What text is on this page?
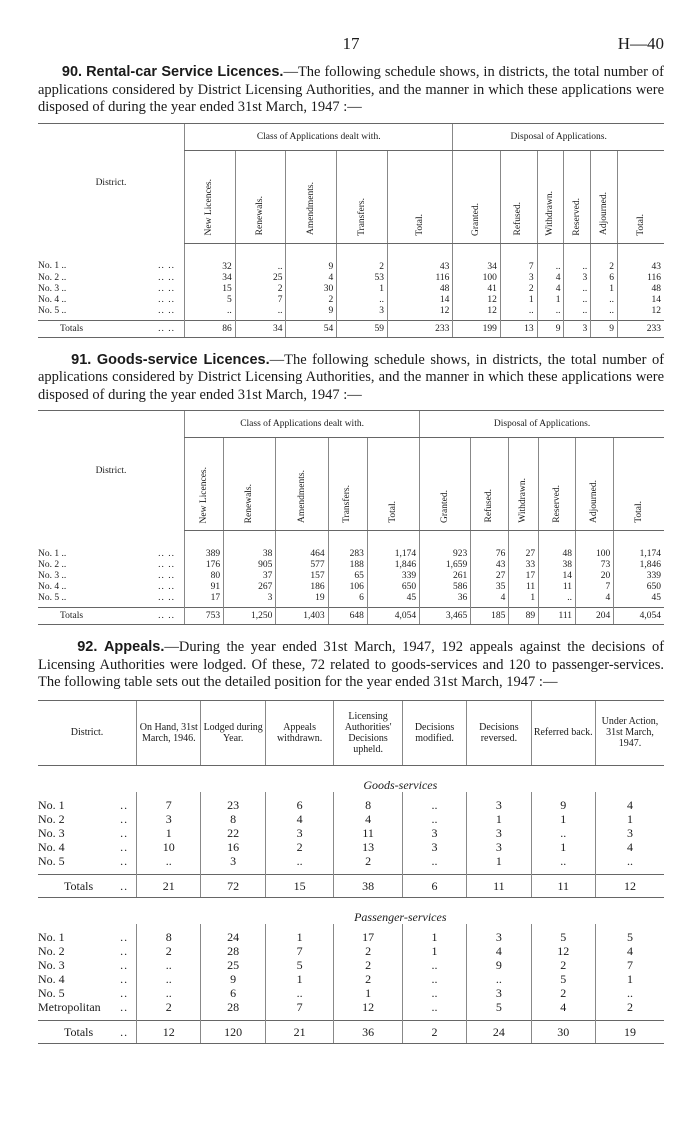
17	H—40

90. Rental-car Service Licences.—The following schedule shows, in districts, the total number of applications considered by District Licensing Authorities, and the manner in which these applications were disposed of during the year ended 31st March, 1947 :—

District.	Class of Applications dealt with.					Disposal of Applications.					
	New Licences.	Renewals.	Amendments.	Transfers.	Total.	Granted.	Refused.	Withdrawn.	Reserved.	Adjourned.	Total.

No. 1 .. .. ..	32	..	9	2	43	34	7	..	..	2	43

No. 2 .. .. ..	34	25	4	53	116	100	3	4	3	6	116

No. 3 .. .. ..	15	2	30	1	48	41	2	4	..	1	48

No. 4 .. .. ..	5	7	2	..	14	12	1	1	..	..	14

No. 5 .. .. ..	..	..	9	3	12	12	..	..	..	..	12

Totals .. ..	86	34	54	59	233	199	13	9	3	9	233

91. Goods-service Licences.—The following schedule shows, in districts, the total number of applications considered by District Licensing Authorities, and the manner in which these applications were disposed of during the year ended 31st March, 1947 :—

District.	Class of Applications dealt with.					Disposal of Applications.					
	New Licences.	Renewals.	Amendments.	Transfers.	Total.	Granted.	Refused.	Withdrawn.	Reserved.	Adjourned.	Total.

No. 1 .. .. ..	389	38	464	283	1,174	923	76	27	48	100	1,174

No. 2 .. .. ..	176	905	577	188	1,846	1,659	43	33	38	73	1,846

No. 3 .. .. ..	80	37	157	65	339	261	27	17	14	20	339

No. 4 .. .. ..	91	267	186	106	650	586	35	11	11	7	650

No. 5 .. .. ..	17	3	19	6	45	36	4	1	..	4	45

Totals .. ..	753	1,250	1,403	648	4,054	3,465	185	89	111	204	4,054

92. Appeals.—During the year ended 31st March, 1947, 192 appeals against the decisions of Licensing Authorities were lodged. Of these, 72 related to goods-services and 120 to passenger-services. The following table sets out the detailed position for the year ended 31st March, 1947 :—

District.	On Hand, 31st March, 1946.	Lodged during Year.	Appeals withdrawn.	Licensing Authorities' Decisions upheld.	Decisions modified.	Decisions reversed.	Referred back.	Under Action, 31st March, 1947.
	Goods-services							

No. 1 ..	7	23	6	8	..	3	9	4

No. 2 ..	3	8	4	4	..	1	1	1

No. 3 ..	1	22	3	11	3	3	..	3

No. 4 ..	10	16	2	13	3	3	1	4

No. 5 ..	..	3	..	2	..	1	..	..

Totals ..	21	72	15	38	6	11	11	12
	Passenger-services							

No. 1 ..	8	24	1	17	1	3	5	5

No. 2 ..	2	28	7	2	1	4	12	4

No. 3 ..	..	25	5	2	..	9	2	7

No. 4 ..	..	9	1	2	..	..	5	1

No. 5 ..	..	6	..	1	..	3	2	..

Metropolitan ..	2	28	7	12	..	5	4	2

Totals ..	12	120	21	36	2	24	30	19
